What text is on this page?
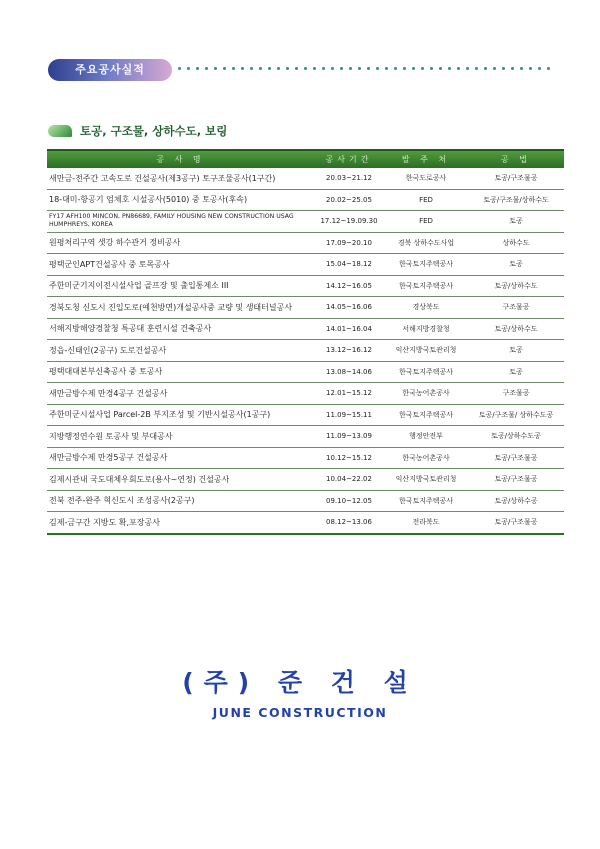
주요공사실적
토공, 구조물, 상하수도, 보링
공 사 명	공사기간	발 주 처	공 법
새만금-전주간 고속도로 건설공사(제3공구) 토구조물공사(1구간)	20.03~21.12	한국도로공사	토공/구조물공
18-대미-항공기 엄체호 시설공사(5010) 중 토공사(후속)	20.02~25.05	FED	토공/구조물/상하수도
FY17 AFH100 MINCON, PN86689, FAMILY HOUSING NEW CONSTRUCTION USAG HUMPHREYS, KOREA	17.12~19.09.30	FED	토공
원평처리구역 샛강 하수관거 정비공사	17.09~20.10	경북 상하수도사업	상하수도
평택군인APT건설공사 중 토목공사	15.04~18.12	한국토지주택공사	토공
주한미군기지이전시설사업 골프장 및 출입통제소 III	14.12~16.05	한국토지주택공사	토공/상하수도
경북도청 신도시 진입도로(예천방면)개설공사중 교량 및 생태터널공사	14.05~16.06	경상북도	구조물공
서해지방해양경찰청 특공대 훈련시설 건축공사	14.01~16.04	서해지방경찰청	토공/상하수도
정읍-신태인(2공구) 도로건설공사	13.12~16.12	익산지방국토관리청	토공
평택대대본부신축공사 중 토공사	13.08~14.06	한국토지주택공사	토공
새만금방수제 만경4공구 건설공사	12.01~15.12	한국농어촌공사	구조물공
주한미군시설사업 Parcel-2B 부지조성 및 기반시설공사(1공구)	11.09~15.11	한국토지주택공사	토공/구조물/ 상하수도공
지방행정연수원 토공사 및 부대공사	11.09~13.09	행정안전부	토공/상하수도공
새만금방수제 만경5공구 건설공사	10.12~15.12	한국농어촌공사	토공/구조물공
김제시관내 국도대체우회도로(용사~연정) 건설공사	10.04~22.02	익산지방국토관리청	토공/구조물공
전북 전주-완주 혁신도시 조성공사(2공구)	09.10~12.05	한국토지주택공사	토공/상하수공
김제-금구간 지방도 확,포장공사	08.12~13.06	전라북도	토공/구조물공
(주) 준 건 설
JUNE CONSTRUCTION
